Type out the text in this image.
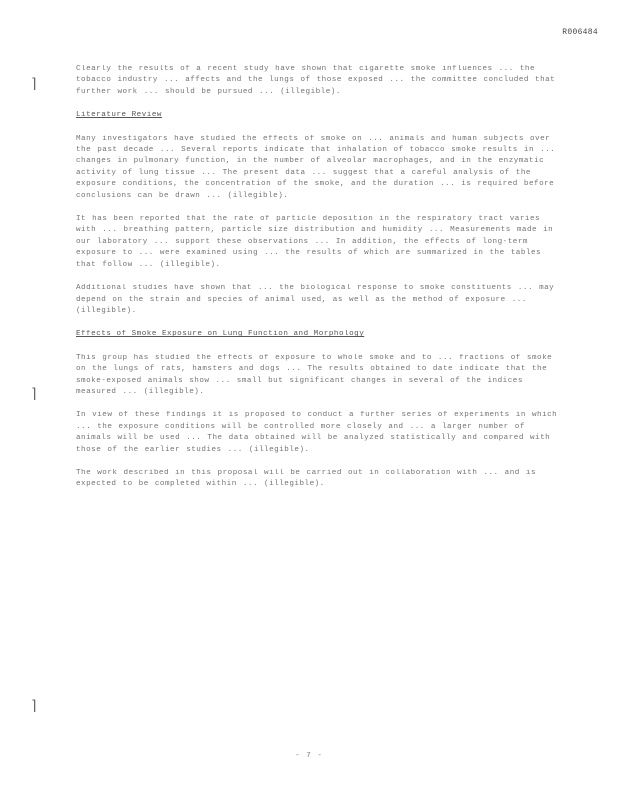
R006484
⌉
⌉
⌉

Clearly the results of a recent study have shown that cigarette smoke influences ... the tobacco industry ... affects and the lungs of those exposed ... the committee concluded that further work ... should be pursued ... (illegible).

Literature Review

Many investigators have studied the effects of smoke on ... animals and human subjects over the past decade ... Several reports indicate that inhalation of tobacco smoke results in ... changes in pulmonary function, in the number of alveolar macrophages, and in the enzymatic activity of lung tissue ... The present data ... suggest that a careful analysis of the exposure conditions, the concentration of the smoke, and the duration ... is required before conclusions can be drawn ... (illegible).

It has been reported that the rate of particle deposition in the respiratory tract varies with ... breathing pattern, particle size distribution and humidity ... Measurements made in our laboratory ... support these observations ... In addition, the effects of long-term exposure to ... were examined using ... the results of which are summarized in the tables that follow ... (illegible).

Additional studies have shown that ... the biological response to smoke constituents ... may depend on the strain and species of animal used, as well as the method of exposure ... (illegible).

Effects of Smoke Exposure on Lung Function and Morphology

This group has studied the effects of exposure to whole smoke and to ... fractions of smoke on the lungs of rats, hamsters and dogs ... The results obtained to date indicate that the smoke-exposed animals show ... small but significant changes in several of the indices measured ... (illegible).

In view of these findings it is proposed to conduct a further series of experiments in which ... the exposure conditions will be controlled more closely and ... a larger number of animals will be used ... The data obtained will be analyzed statistically and compared with those of the earlier studies ... (illegible).

The work described in this proposal will be carried out in collaboration with ... and is expected to be completed within ... (illegible).

- 7 -
